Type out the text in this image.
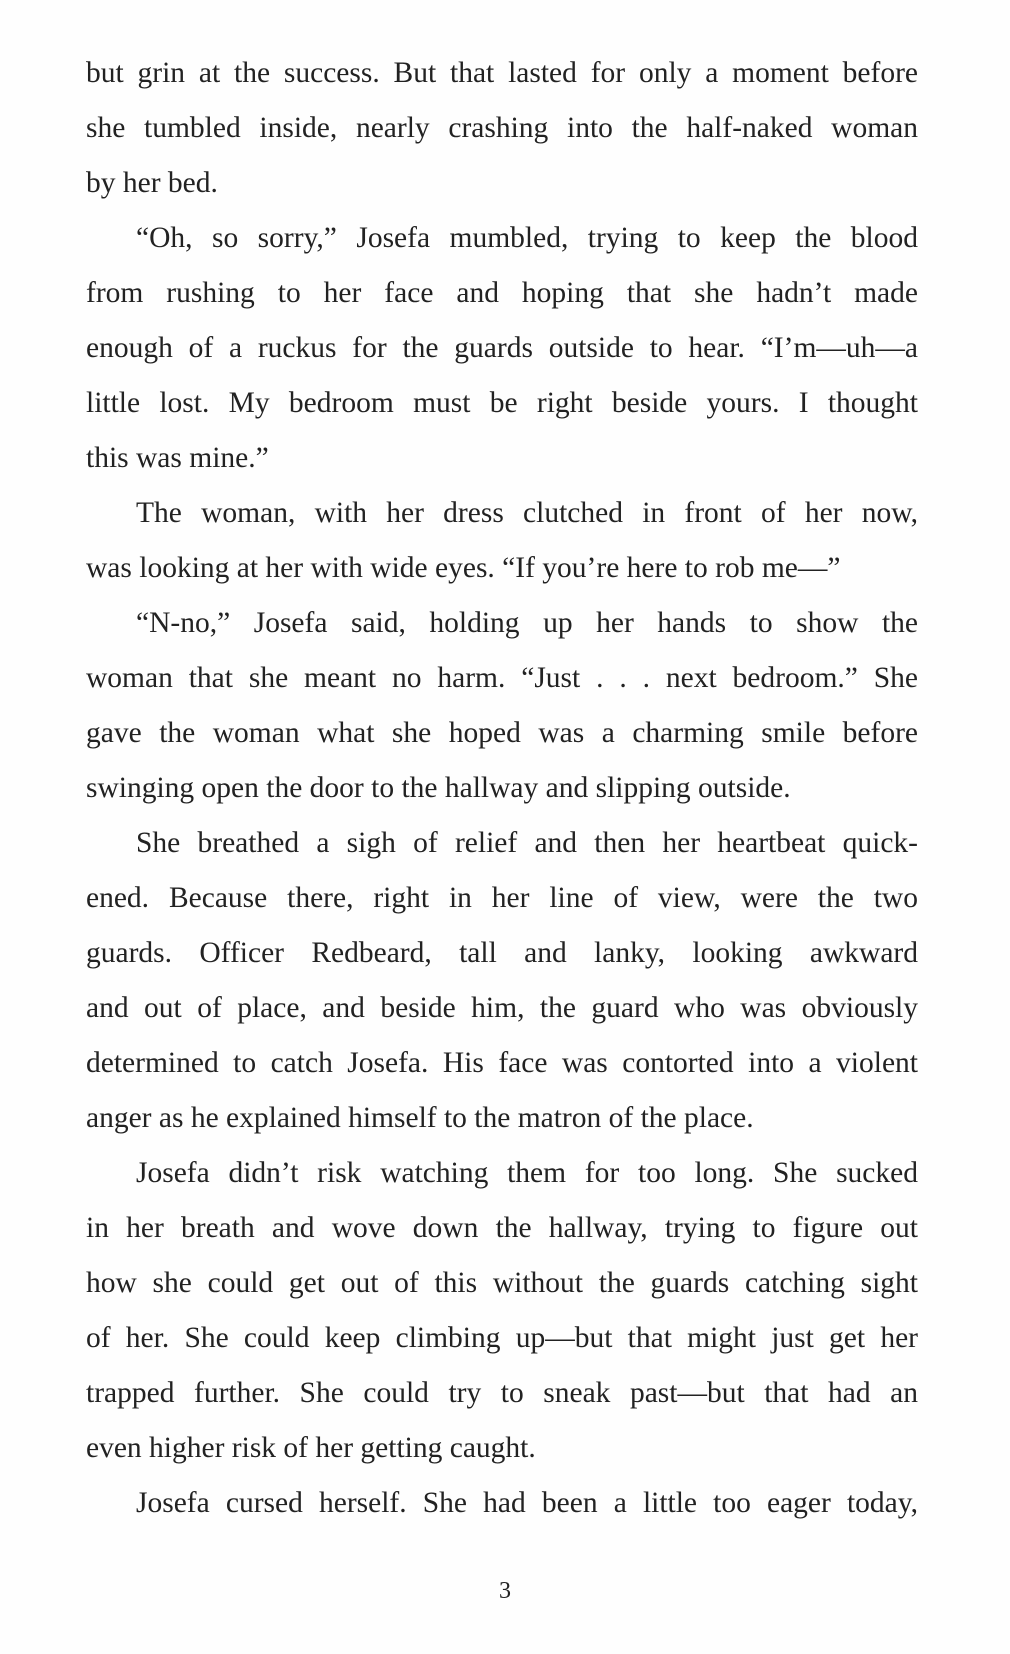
but grin at the success. But that lasted for only a moment before
she tumbled inside, nearly crashing into the half-naked woman
by her bed.
“Oh, so sorry,” Josefa mumbled, trying to keep the blood
from rushing to her face and hoping that she hadn’t made
enough of a ruckus for the guards outside to hear. “I’m—uh—a
little lost. My bedroom must be right beside yours. I thought
this was mine.”
The woman, with her dress clutched in front of her now,
was looking at her with wide eyes. “If you’re here to rob me—”
“N-no,” Josefa said, holding up her hands to show the
woman that she meant no harm. “Just . . . next bedroom.” She
gave the woman what she hoped was a charming smile before
swinging open the door to the hallway and slipping outside.
She breathed a sigh of relief and then her heartbeat quick-
ened. Because there, right in her line of view, were the two
guards. Officer Redbeard, tall and lanky, looking awkward
and out of place, and beside him, the guard who was obviously
determined to catch Josefa. His face was contorted into a violent
anger as he explained himself to the matron of the place.
Josefa didn’t risk watching them for too long. She sucked
in her breath and wove down the hallway, trying to figure out
how she could get out of this without the guards catching sight
of her. She could keep climbing up—but that might just get her
trapped further. She could try to sneak past—but that had an
even higher risk of her getting caught.
Josefa cursed herself. She had been a little too eager today,
3
